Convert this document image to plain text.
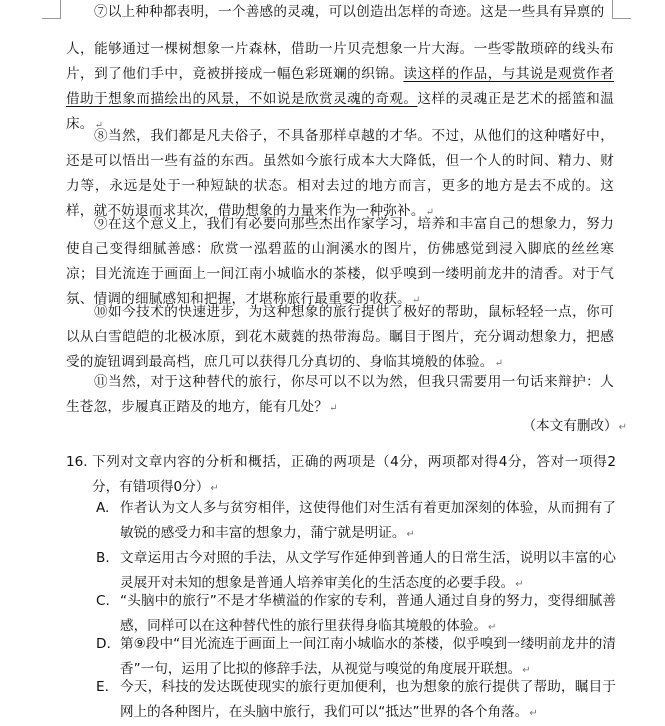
⑦以上种种都表明，一个善感的灵魂，可以创造出怎样的奇迹。这是一些具有异禀的
人，能够通过一棵树想象一片森林，借助一片贝壳想象一片大海。一些零散琐碎的线头布片，到了他们手中，竟被拼接成一幅色彩斑斓的织锦。读这样的作品，与其说是观赏作者借助于想象而描绘出的风景，不如说是欣赏灵魂的奇观。这样的灵魂正是艺术的摇篮和温床。↵
⑧当然，我们都是凡夫俗子，不具备那样卓越的才华。不过，从他们的这种嗜好中，还是可以悟出一些有益的东西。虽然如今旅行成本大大降低，但一个人的时间、精力、财力等，永远是处于一种短缺的状态。相对去过的地方而言，更多的地方是去不成的。这样，就不妨退而求其次，借助想象的力量来作为一种弥补。↵
⑨在这个意义上，我们有必要向那些杰出作家学习，培养和丰富自己的想象力，努力使自己变得细腻善感：欣赏一泓碧蓝的山涧溪水的图片，仿佛感觉到浸入脚底的丝丝寒凉；目光流连于画面上一间江南小城临水的茶楼，似乎嗅到一缕明前龙井的清香。对于气氛、情调的细腻感知和把握，才堪称旅行最重要的收获。↵
⑩如今技术的快速进步，为这种想象的旅行提供了极好的帮助，鼠标轻轻一点，你可以从白雪皑皑的北极冰原，到花木葳蕤的热带海岛。瞩目于图片，充分调动想象力，把感受的旋钮调到最高档，庶几可以获得几分真切的、身临其境般的体验。↵
⑪当然，对于这种替代的旅行，你尽可以不以为然，但我只需要用一句话来辩护：人生苍忽，步履真正踏及的地方，能有几处？↵
（本文有删改）↵
16. 下列对文章内容的分析和概括，正确的两项是（4分，两项都对得4分，答对一项得2分，有错项得0分）↵
A. 作者认为文人多与贫穷相伴，这使得他们对生活有着更加深刻的体验，从而拥有了敏锐的感受力和丰富的想象力，蒲宁就是明证。↵
B. 文章运用古今对照的手法，从文学写作延伸到普通人的日常生活，说明以丰富的心灵展开对未知的想象是普通人培养审美化的生活态度的必要手段。↵
C. “头脑中的旅行”不是才华横溢的作家的专利，普通人通过自身的努力，变得细腻善感，同样可以在这种替代性的旅行里获得身临其境般的体验。↵
D. 第⑨段中“目光流连于画面上一间江南小城临水的茶楼，似乎嗅到一缕明前龙井的清香”一句，运用了比拟的修辞手法，从视觉与嗅觉的角度展开联想。↵
E. 今天，科技的发达既使现实的旅行更加便利，也为想象的旅行提供了帮助，瞩目于网上的各种图片，在头脑中旅行，我们可以“抵达”世界的各个角落。↵
